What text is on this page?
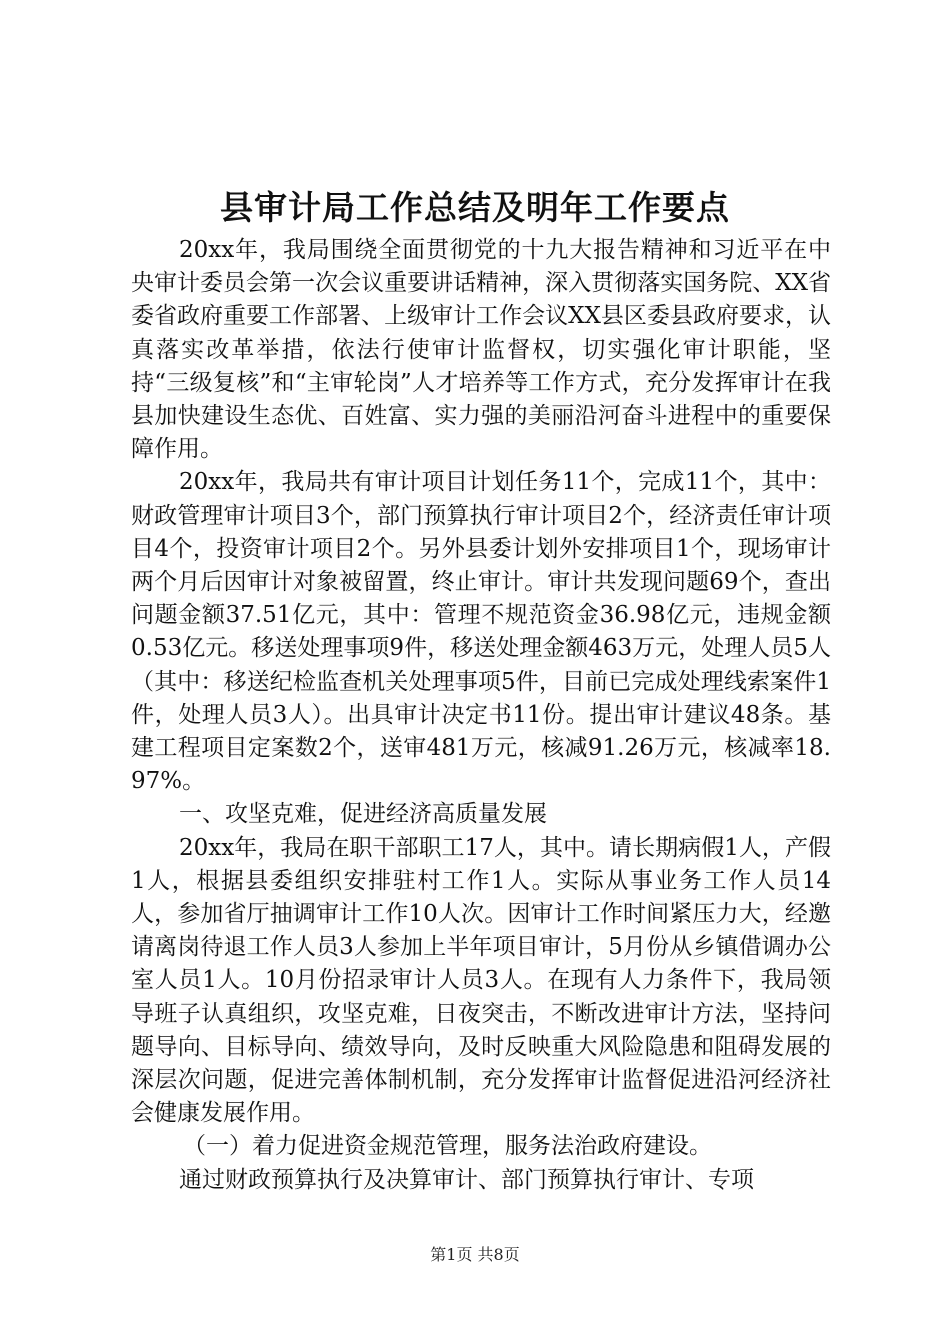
县审计局工作总结及明年工作要点

20xx年，我局围绕全面贯彻党的十九大报告精神和习近平在中央审计委员会第一次会议重要讲话精神，深入贯彻落实国务院、XX省委省政府重要工作部署、上级审计工作会议XX县区委县政府要求，认真落实改革举措，依法行使审计监督权，切实强化审计职能，坚持“三级复核”和“主审轮岗”人才培养等工作方式，充分发挥审计在我县加快建设生态优、百姓富、实力强的美丽沿河奋斗进程中的重要保障作用。

20xx年，我局共有审计项目计划任务11个，完成11个，其中：财政管理审计项目3个，部门预算执行审计项目2个，经济责任审计项目4个，投资审计项目2个。另外县委计划外安排项目1个，现场审计两个月后因审计对象被留置，终止审计。审计共发现问题69个，查出问题金额37.51亿元，其中：管理不规范资金36.98亿元，违规金额0.53亿元。移送处理事项9件，移送处理金额463万元，处理人员5人（其中：移送纪检监查机关处理事项5件，目前已完成处理线索案件1件，处理人员3人）。出具审计决定书11份。提出审计建议48条。基建工程项目定案数2个，送审481万元，核减91.26万元，核减率18.97%。

一、攻坚克难，促进经济高质量发展

20xx年，我局在职干部职工17人，其中。请长期病假1人，产假1人，根据县委组织安排驻村工作1人。实际从事业务工作人员14人，参加省厅抽调审计工作10人次。因审计工作时间紧压力大，经邀请离岗待退工作人员3人参加上半年项目审计，5月份从乡镇借调办公室人员1人。10月份招录审计人员3人。在现有人力条件下，我局领导班子认真组织，攻坚克难，日夜突击，不断改进审计方法，坚持问题导向、目标导向、绩效导向，及时反映重大风险隐患和阻碍发展的深层次问题，促进完善体制机制，充分发挥审计监督促进沿河经济社会健康发展作用。

（一）着力促进资金规范管理，服务法治政府建设。

通过财政预算执行及决算审计、部门预算执行审计、专项

第1页 共8页
